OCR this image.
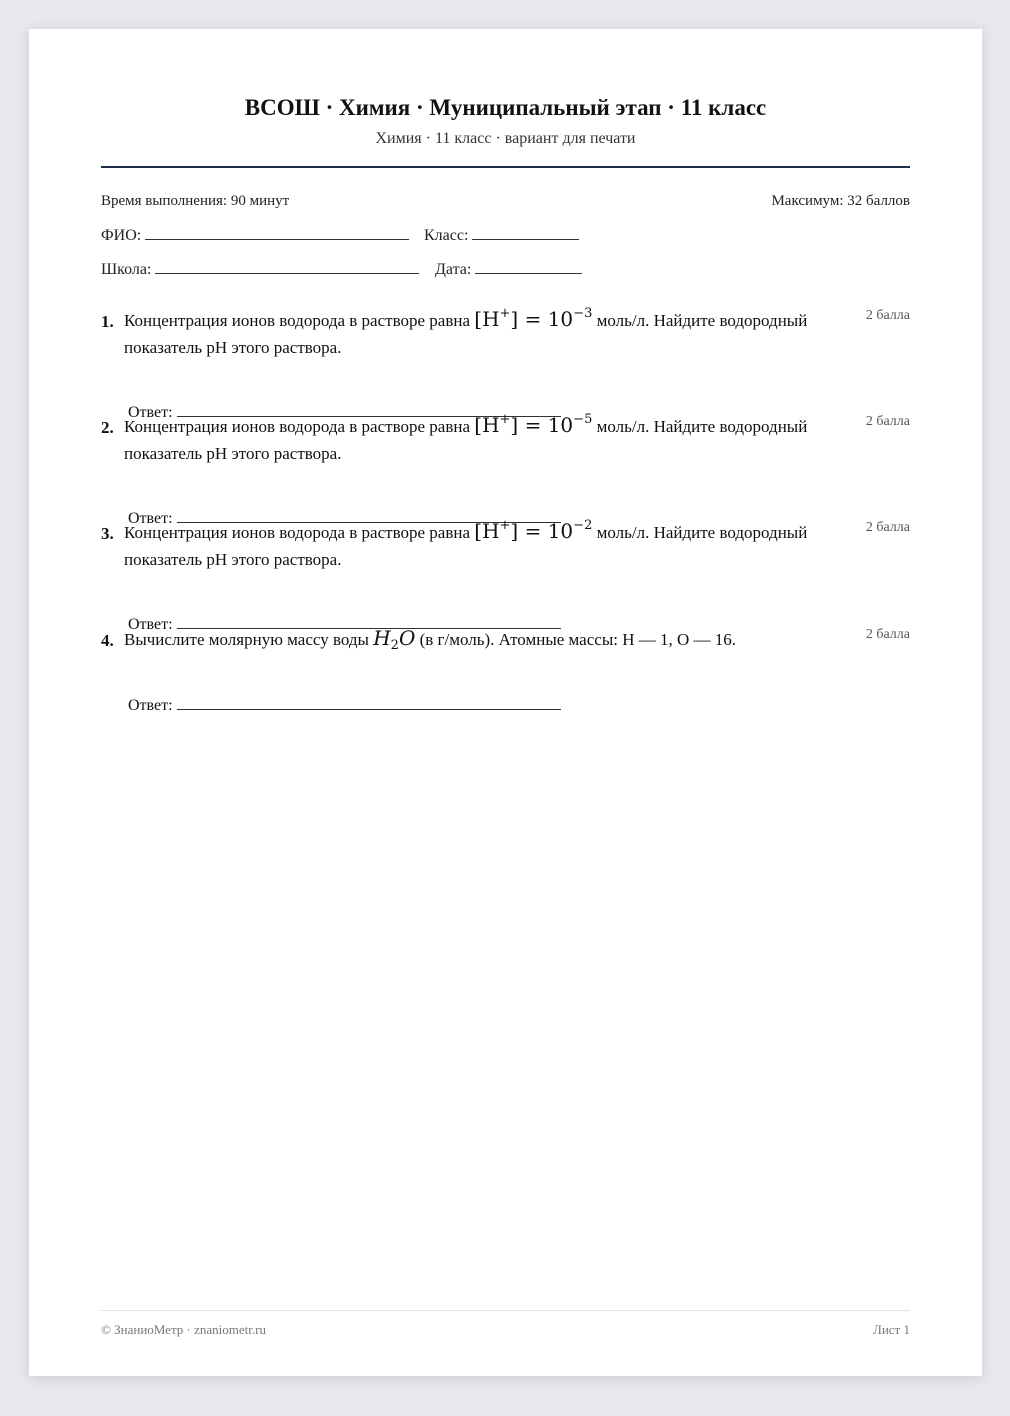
ВСОШ · Химия · Муниципальный этап · 11 класс
Химия · 11 класс · вариант для печати
Время выполнения: 90 минут	Максимум: 32 баллов
ФИО:	Класс:
Школа:	Дата:
1. Концентрация ионов водорода в растворе равна $[H^+] = 10^{-3}$ моль/л. Найдите водородный показатель pH этого раствора.
2 балла
Ответ:
2. Концентрация ионов водорода в растворе равна $[H^+] = 10^{-5}$ моль/л. Найдите водородный показатель pH этого раствора.
2 балла
Ответ:
3. Концентрация ионов водорода в растворе равна $[H^+] = 10^{-2}$ моль/л. Найдите водородный показатель pH этого раствора.
2 балла
Ответ:
4. Вычислите молярную массу воды $H_2O$ (в г/моль). Атомные массы: H — 1, O — 16.	2 балла
Ответ:
© ЗнаниоМетр · znaniometr.ru	Лист 1
